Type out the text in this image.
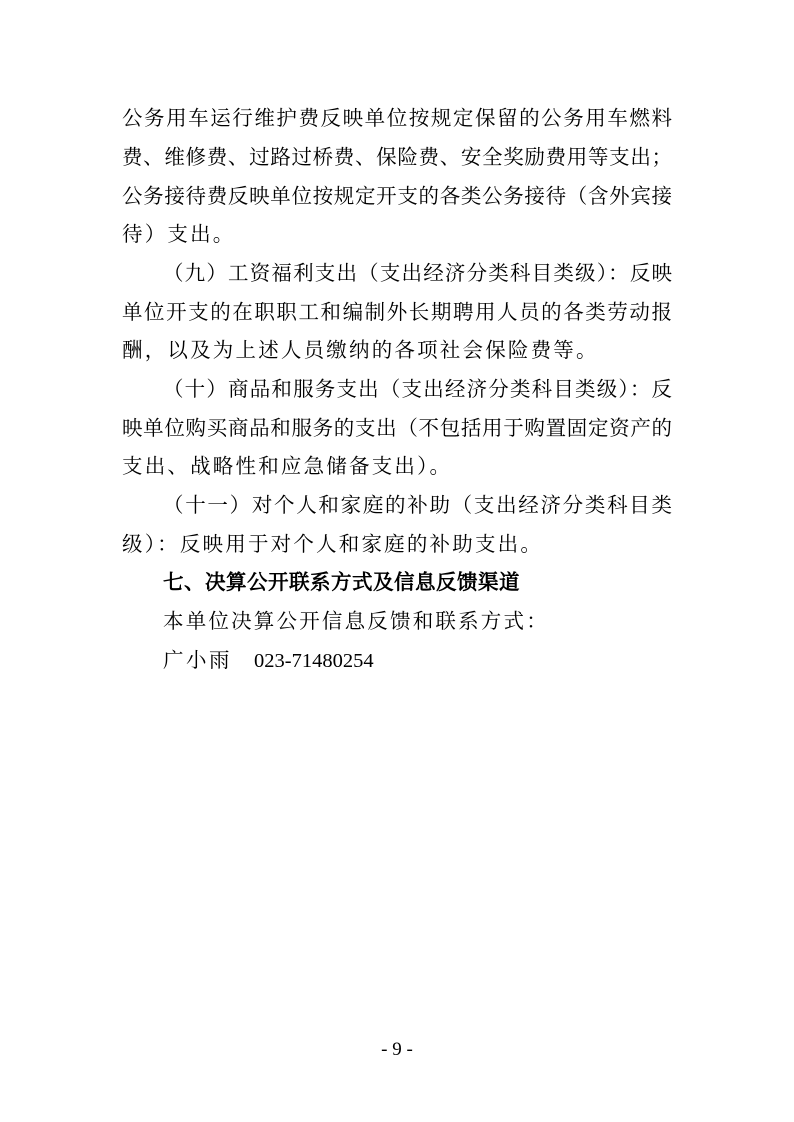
公务用车运行维护费反映单位按规定保留的公务用车燃料
费、维修费、过路过桥费、保险费、安全奖励费用等支出；
公务接待费反映单位按规定开支的各类公务接待（含外宾接
待）支出。
（九）工资福利支出（支出经济分类科目类级）：反映
单位开支的在职职工和编制外长期聘用人员的各类劳动报
酬，以及为上述人员缴纳的各项社会保险费等。
（十）商品和服务支出（支出经济分类科目类级）：反
映单位购买商品和服务的支出（不包括用于购置固定资产的
支出、战略性和应急储备支出）。
（十一）对个人和家庭的补助（支出经济分类科目类
级）：反映用于对个人和家庭的补助支出。
七、决算公开联系方式及信息反馈渠道
本单位决算公开信息反馈和联系方式：
广小雨 023-71480254
- 9 -
